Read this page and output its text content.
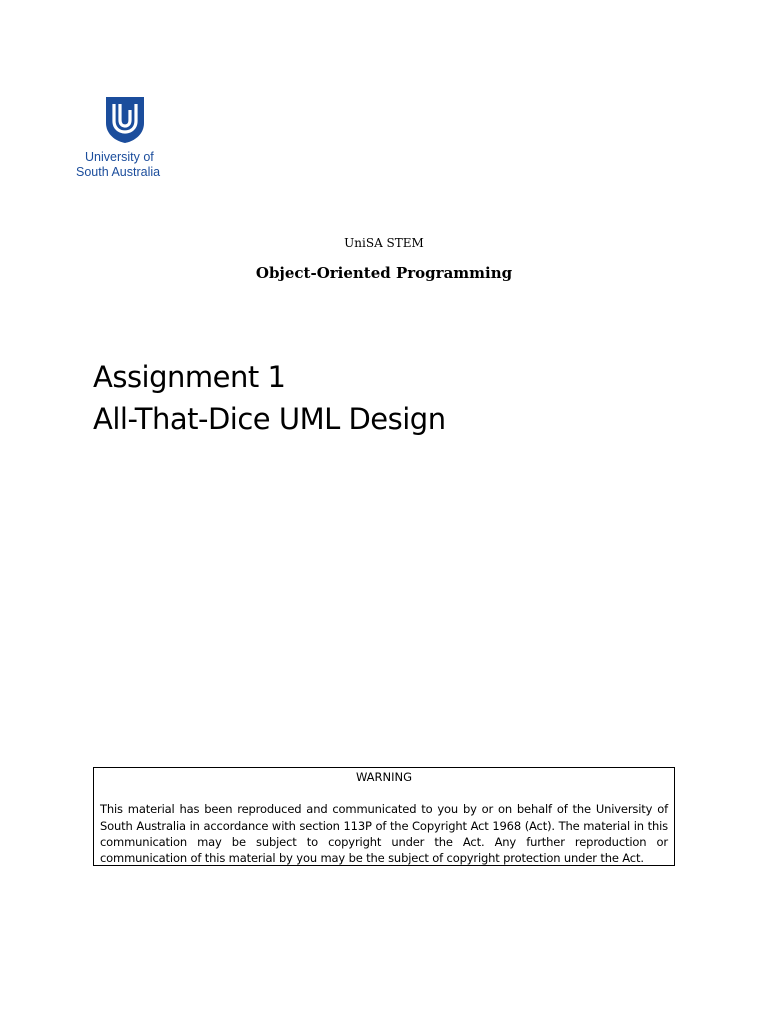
University of
South Australia
UniSA STEM
Object-Oriented Programming
Assignment 1
All-That-Dice UML Design

WARNING

This material has been reproduced and communicated to you by or on behalf of the University of South Australia in accordance with section 113P of the Copyright Act 1968 (Act). The material in this communication may be subject to copyright under the Act. Any further reproduction or communication of this material by you may be the subject of copyright protection under the Act.
